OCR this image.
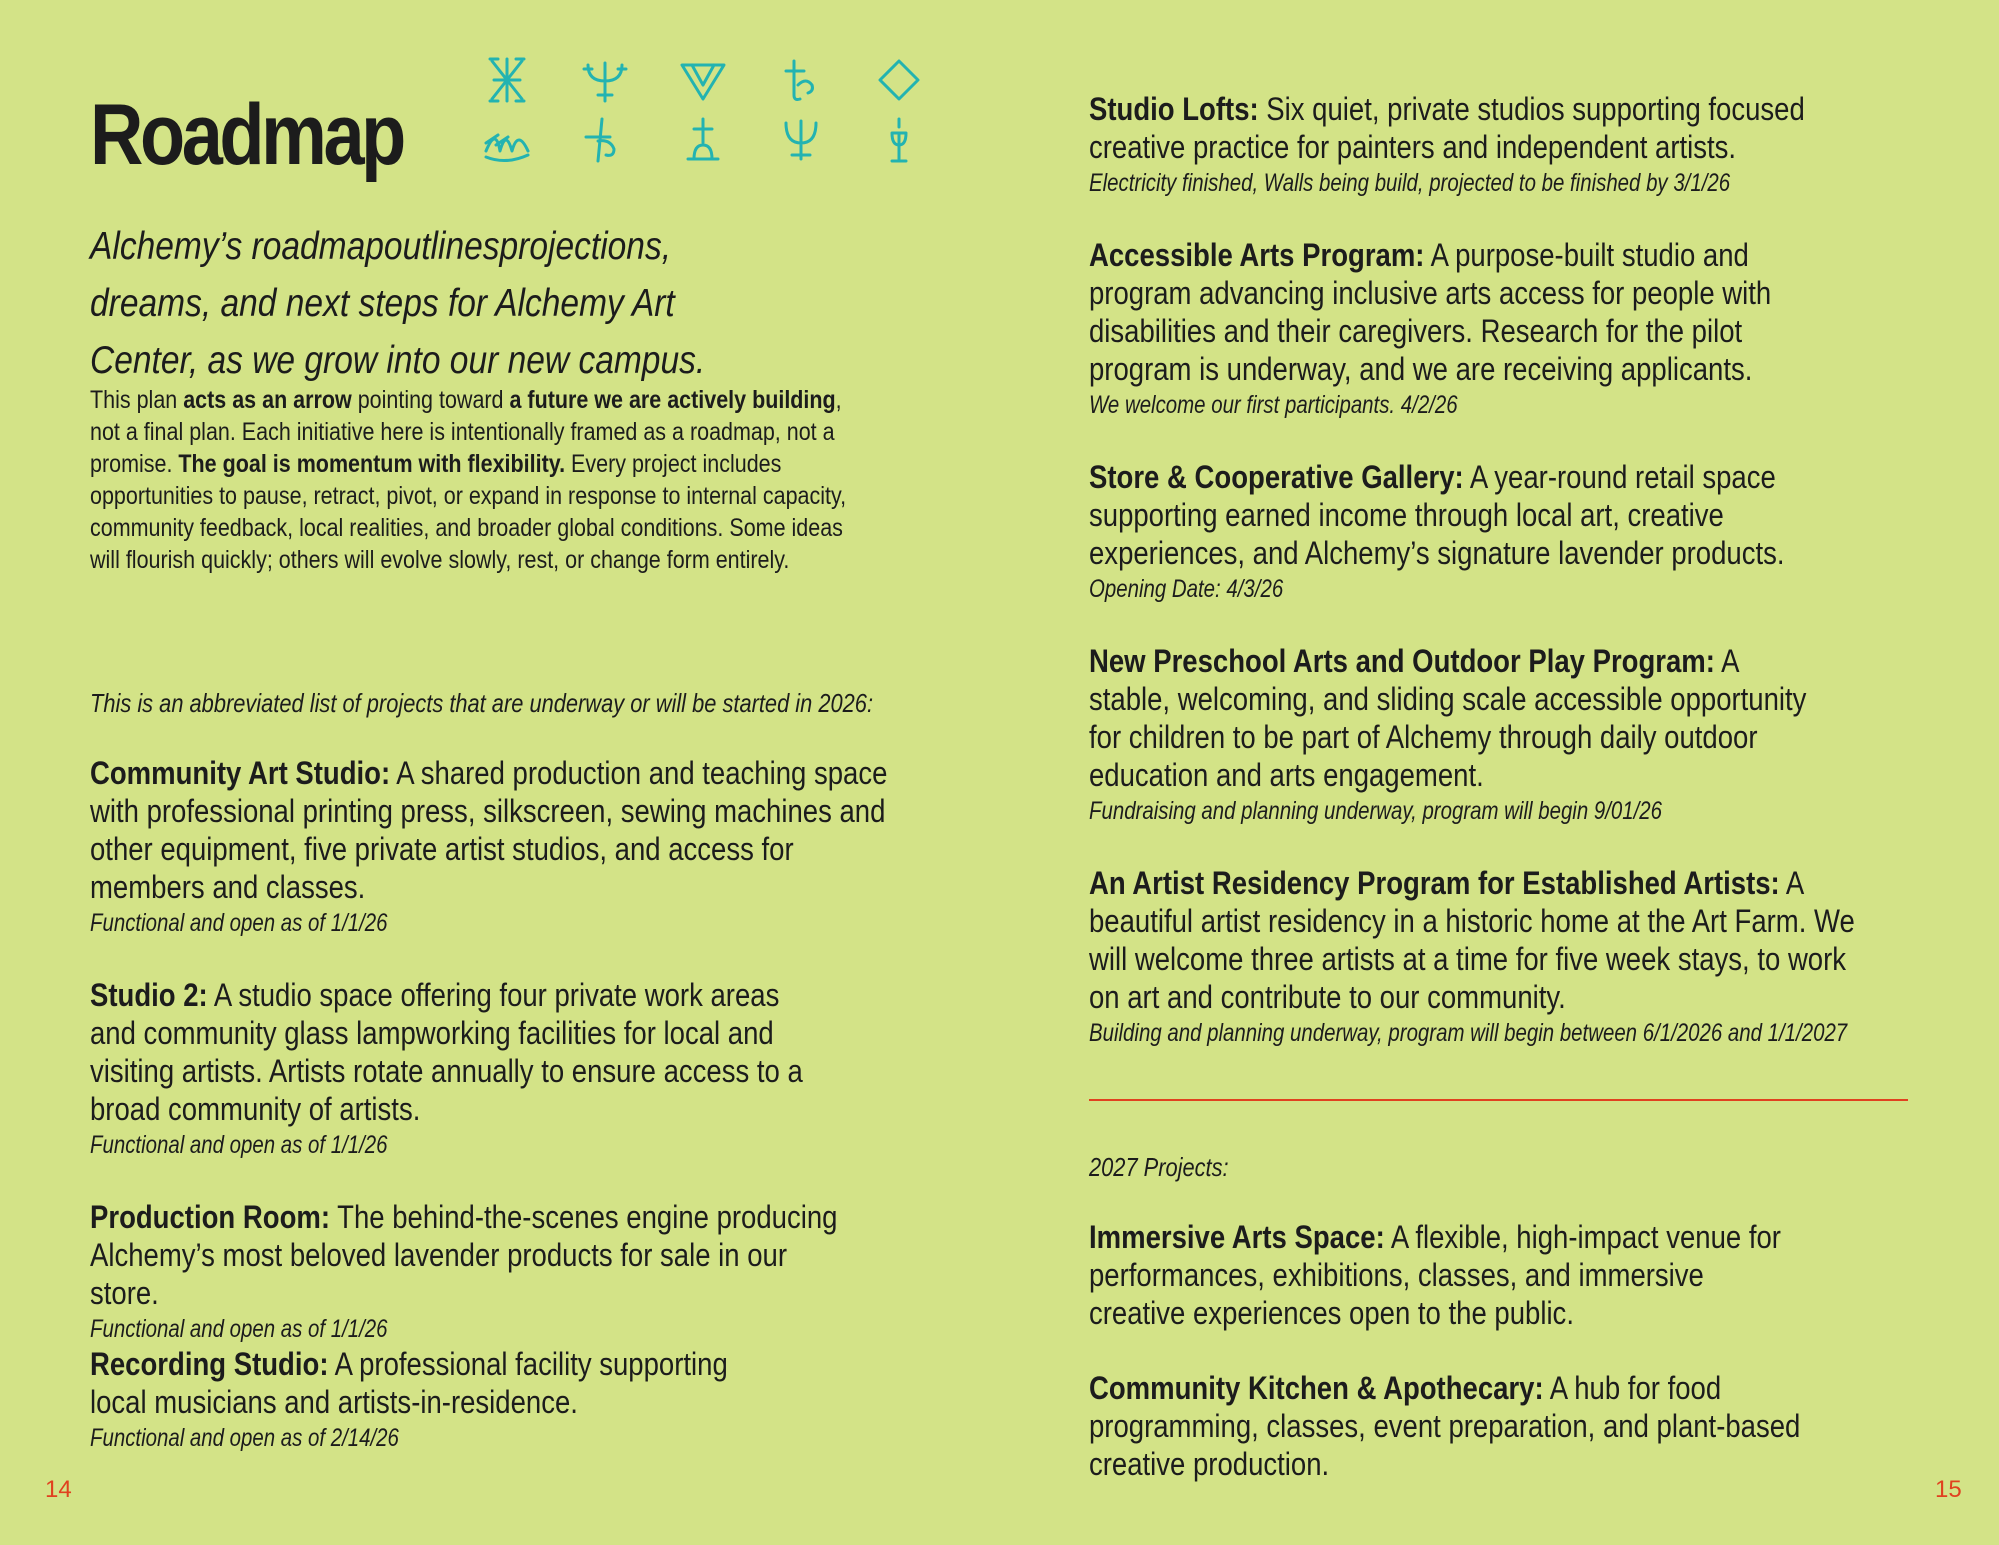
Roadmap
Alchemy’s roadmapoutlinesprojections, dreams, and next steps for Alchemy Art Center, as we grow into our new campus.
This plan acts as an arrow pointing toward a future we are actively building, not a final plan. Each initiative here is intentionally framed as a roadmap, not a promise. The goal is momentum with flexibility. Every project includes opportunities to pause, retract, pivot, or expand in response to internal capacity, community feedback, local realities, and broader global conditions. Some ideas will flourish quickly; others will evolve slowly, rest, or change form entirely.
This is an abbreviated list of projects that are underway or will be started in 2026:
Community Art Studio: A shared production and teaching space with professional printing press, silkscreen, sewing machines and other equipment, five private artist studios, and access for members and classes.
Functional and open as of 1/1/26
Studio 2: A studio space offering four private work areas and community glass lampworking facilities for local and visiting artists. Artists rotate annually to ensure access to a broad community of artists.
Functional and open as of 1/1/26
Production Room: The behind-the-scenes engine producing Alchemy’s most beloved lavender products for sale in our store.
Functional and open as of 1/1/26
Recording Studio: A professional facility supporting local musicians and artists-in-residence.
Functional and open as of 2/14/26
14
Studio Lofts: Six quiet, private studios supporting focused creative practice for painters and independent artists.
Electricity finished, Walls being build, projected to be finished by 3/1/26
Accessible Arts Program: A purpose-built studio and program advancing inclusive arts access for people with disabilities and their caregivers. Research for the pilot program is underway, and we are receiving applicants.
We welcome our first participants. 4/2/26
Store & Cooperative Gallery: A year-round retail space supporting earned income through local art, creative experiences, and Alchemy’s signature lavender products.
Opening Date: 4/3/26
New Preschool Arts and Outdoor Play Program: A stable, welcoming, and sliding scale accessible opportunity for children to be part of Alchemy through daily outdoor education and arts engagement.
Fundraising and planning underway, program will begin 9/01/26
An Artist Residency Program for Established Artists: A beautiful artist residency in a historic home at the Art Farm. We will welcome three artists at a time for five week stays, to work on art and contribute to our community.
Building and planning underway, program will begin between 6/1/2026 and 1/1/2027
2027 Projects:
Immersive Arts Space: A flexible, high-impact venue for performances, exhibitions, classes, and immersive creative experiences open to the public.
Community Kitchen & Apothecary: A hub for food programming, classes, event preparation, and plant-based creative production.
15
